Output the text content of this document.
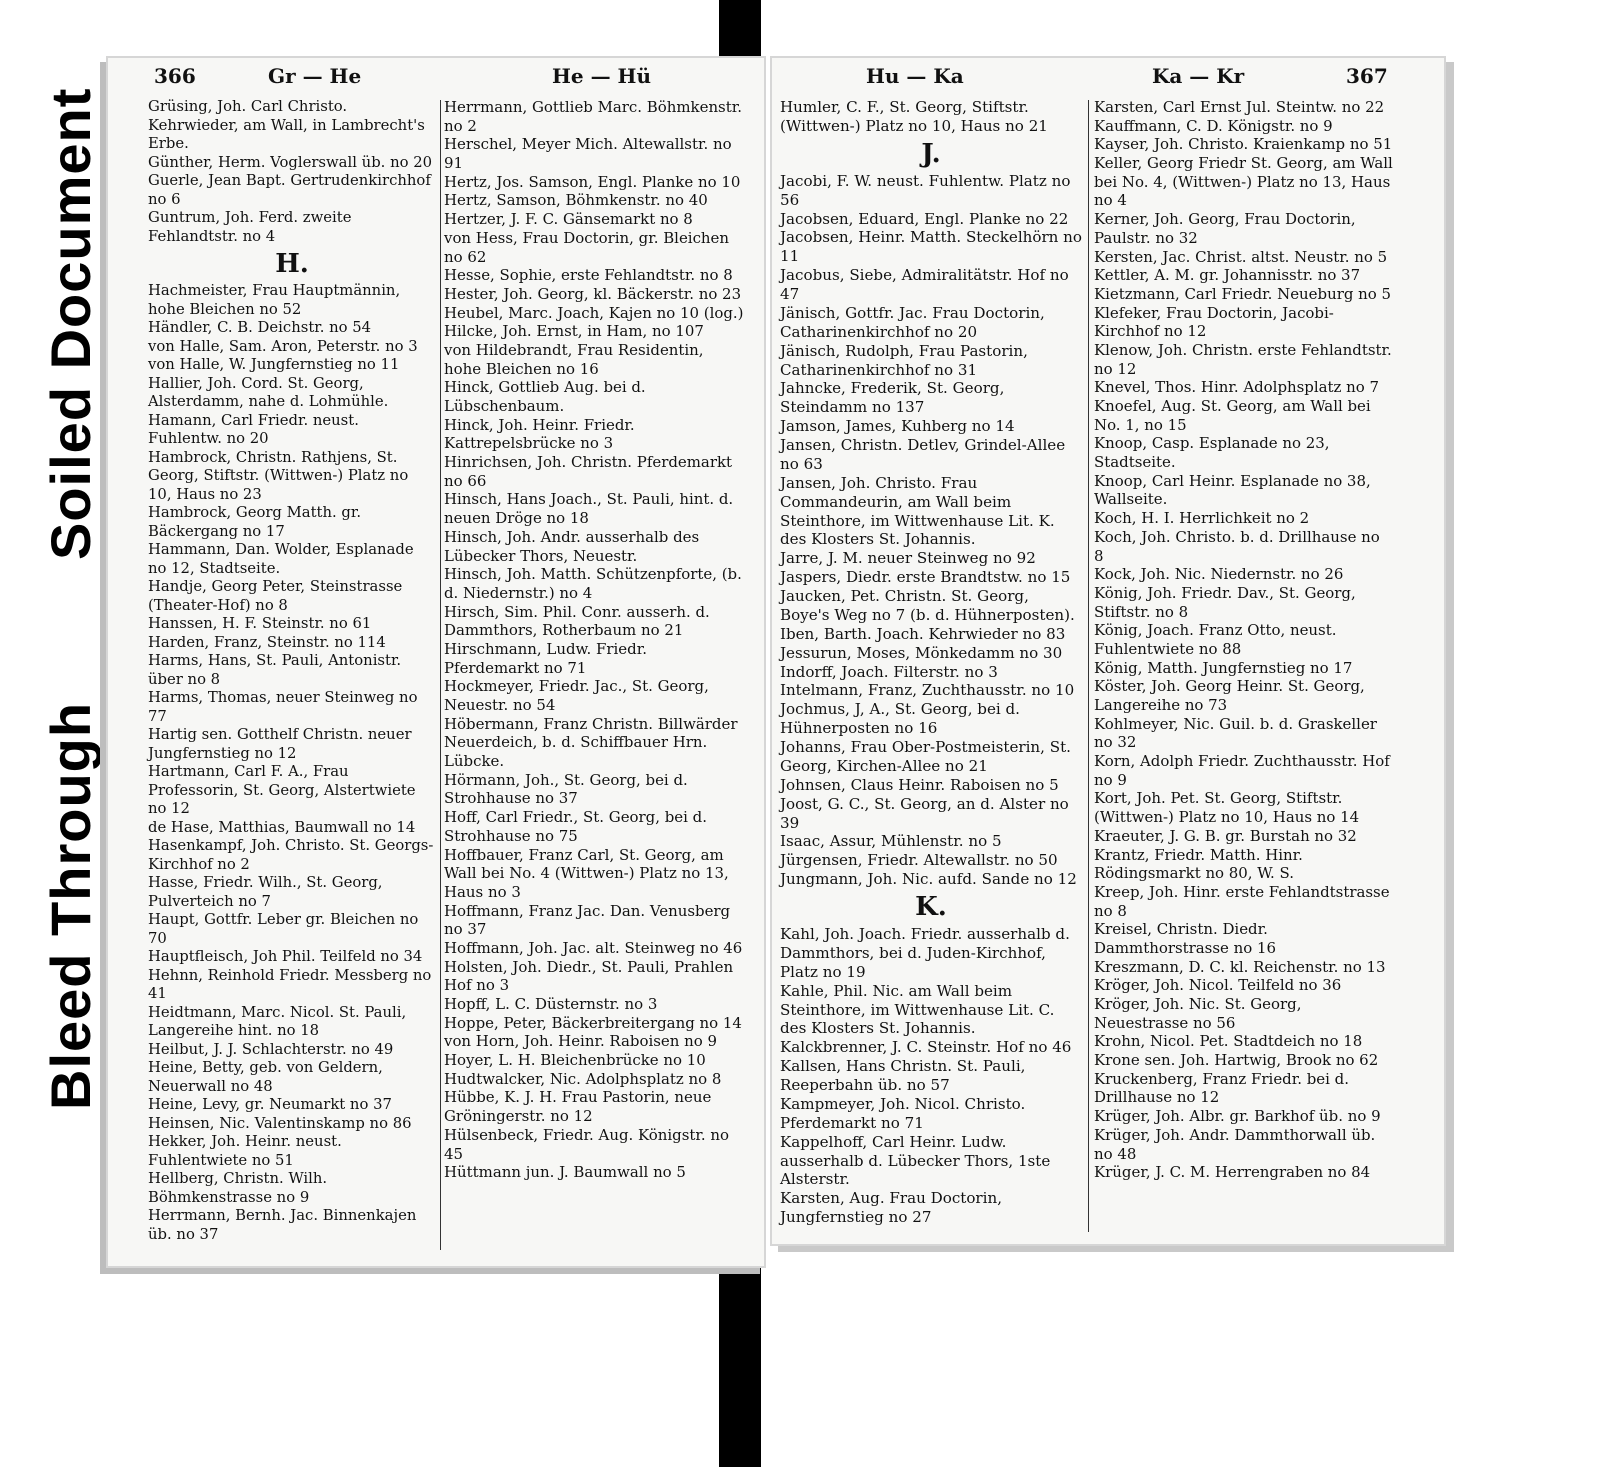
Soiled Document
Bleed Through
366	Gr — He	He — Hü
Grüsing, Joh. Carl Christo. Kehrwieder, am Wall, in Lambrecht's Erbe.
Günther, Herm. Voglerswall üb. no 20
Guerle, Jean Bapt. Gertrudenkirchhof no 6
Guntrum, Joh. Ferd. zweite Fehlandtstr. no 4
H.
Hachmeister, Frau Hauptmännin, hohe Bleichen no 52
Händler, C. B. Deichstr. no 54
von Halle, Sam. Aron, Peterstr. no 3
von Halle, W. Jungfernstieg no 11
Hallier, Joh. Cord. St. Georg, Alsterdamm, nahe d. Lohmühle.
Hamann, Carl Friedr. neust. Fuhlentw. no 20
Hambrock, Christn. Rathjens, St. Georg, Stiftstr. (Wittwen-) Platz no 10, Haus no 23
Hambrock, Georg Matth. gr. Bäckergang no 17
Hammann, Dan. Wolder, Esplanade no 12, Stadtseite.
Handje, Georg Peter, Steinstrasse (Theater-Hof) no 8
Hanssen, H. F. Steinstr. no 61
Harden, Franz, Steinstr. no 114
Harms, Hans, St. Pauli, Antonistr. über no 8
Harms, Thomas, neuer Steinweg no 77
Hartig sen. Gotthelf Christn. neuer Jungfernstieg no 12
Hartmann, Carl F. A., Frau Professorin, St. Georg, Alstertwiete no 12
de Hase, Matthias, Baumwall no 14
Hasenkampf, Joh. Christo. St. Georgs-Kirchhof no 2
Hasse, Friedr. Wilh., St. Georg, Pulverteich no 7
Haupt, Gottfr. Leber gr. Bleichen no 70
Hauptfleisch, Joh Phil. Teilfeld no 34
Hehnn, Reinhold Friedr. Messberg no 41
Heidtmann, Marc. Nicol. St. Pauli, Langereihe hint. no 18
Heilbut, J. J. Schlachterstr. no 49
Heine, Betty, geb. von Geldern, Neuerwall no 48
Heine, Levy, gr. Neumarkt no 37
Heinsen, Nic. Valentinskamp no 86
Hekker, Joh. Heinr. neust. Fuhlentwiete no 51
Hellberg, Christn. Wilh. Böhmkenstrasse no 9
Herrmann, Bernh. Jac. Binnenkajen üb. no 37
Herrmann, Gottlieb Marc. Böhmkenstr. no 2
Herschel, Meyer Mich. Altewallstr. no 91
Hertz, Jos. Samson, Engl. Planke no 10
Hertz, Samson, Böhmkenstr. no 40
Hertzer, J. F. C. Gänsemarkt no 8
von Hess, Frau Doctorin, gr. Bleichen no 62
Hesse, Sophie, erste Fehlandtstr. no 8
Hester, Joh. Georg, kl. Bäckerstr. no 23
Heubel, Marc. Joach, Kajen no 10 (log.)
Hilcke, Joh. Ernst, in Ham, no 107
von Hildebrandt, Frau Residentin, hohe Bleichen no 16
Hinck, Gottlieb Aug. bei d. Lübschenbaum.
Hinck, Joh. Heinr. Friedr. Kattrepelsbrücke no 3
Hinrichsen, Joh. Christn. Pferdemarkt no 66
Hinsch, Hans Joach., St. Pauli, hint. d. neuen Dröge no 18
Hinsch, Joh. Andr. ausserhalb des Lübecker Thors, Neuestr.
Hinsch, Joh. Matth. Schützenpforte, (b. d. Niedernstr.) no 4
Hirsch, Sim. Phil. Conr. ausserh. d. Dammthors, Rotherbaum no 21
Hirschmann, Ludw. Friedr. Pferdemarkt no 71
Hockmeyer, Friedr. Jac., St. Georg, Neuestr. no 54
Höbermann, Franz Christn. Billwärder Neuerdeich, b. d. Schiffbauer Hrn. Lübcke.
Hörmann, Joh., St. Georg, bei d. Strohhause no 37
Hoff, Carl Friedr., St. Georg, bei d. Strohhause no 75
Hoffbauer, Franz Carl, St. Georg, am Wall bei No. 4 (Wittwen-) Platz no 13, Haus no 3
Hoffmann, Franz Jac. Dan. Venusberg no 37
Hoffmann, Joh. Jac. alt. Steinweg no 46
Holsten, Joh. Diedr., St. Pauli, Prahlen Hof no 3
Hopff, L. C. Düsternstr. no 3
Hoppe, Peter, Bäckerbreitergang no 14
von Horn, Joh. Heinr. Raboisen no 9
Hoyer, L. H. Bleichenbrücke no 10
Hudtwalcker, Nic. Adolphsplatz no 8
Hübbe, K. J. H. Frau Pastorin, neue Gröningerstr. no 12
Hülsenbeck, Friedr. Aug. Königstr. no 45
Hüttmann jun. J. Baumwall no 5
Hu — Ka	Ka — Kr	367
Humler, C. F., St. Georg, Stiftstr. (Wittwen-) Platz no 10, Haus no 21
J.
Jacobi, F. W. neust. Fuhlentw. Platz no 56
Jacobsen, Eduard, Engl. Planke no 22
Jacobsen, Heinr. Matth. Steckelhörn no 11
Jacobus, Siebe, Admiralitätstr. Hof no 47
Jänisch, Gottfr. Jac. Frau Doctorin, Catharinenkirchhof no 20
Jänisch, Rudolph, Frau Pastorin, Catharinenkirchhof no 31
Jahncke, Frederik, St. Georg, Steindamm no 137
Jamson, James, Kuhberg no 14
Jansen, Christn. Detlev, Grindel-Allee no 63
Jansen, Joh. Christo. Frau Commandeurin, am Wall beim Steinthore, im Wittwenhause Lit. K. des Klosters St. Johannis.
Jarre, J. M. neuer Steinweg no 92
Jaspers, Diedr. erste Brandtstw. no 15
Jaucken, Pet. Christn. St. Georg, Boye's Weg no 7 (b. d. Hühnerposten).
Iben, Barth. Joach. Kehrwieder no 83
Jessurun, Moses, Mönkedamm no 30
Indorff, Joach. Filterstr. no 3
Intelmann, Franz, Zuchthausstr. no 10
Jochmus, J, A., St. Georg, bei d. Hühnerposten no 16
Johanns, Frau Ober-Postmeisterin, St. Georg, Kirchen-Allee no 21
Johnsen, Claus Heinr. Raboisen no 5
Joost, G. C., St. Georg, an d. Alster no 39
Isaac, Assur, Mühlenstr. no 5
Jürgensen, Friedr. Altewallstr. no 50
Jungmann, Joh. Nic. aufd. Sande no 12
K.
Kahl, Joh. Joach. Friedr. ausserhalb d. Dammthors, bei d. Juden-Kirchhof, Platz no 19
Kahle, Phil. Nic. am Wall beim Steinthore, im Wittwenhause Lit. C. des Klosters St. Johannis.
Kalckbrenner, J. C. Steinstr. Hof no 46
Kallsen, Hans Christn. St. Pauli, Reeperbahn üb. no 57
Kampmeyer, Joh. Nicol. Christo. Pferdemarkt no 71
Kappelhoff, Carl Heinr. Ludw. ausserhalb d. Lübecker Thors, 1ste Alsterstr.
Karsten, Aug. Frau Doctorin, Jungfernstieg no 27
Karsten, Carl Ernst Jul. Steintw. no 22
Kauffmann, C. D. Königstr. no 9
Kayser, Joh. Christo. Kraienkamp no 51
Keller, Georg Friedr St. Georg, am Wall bei No. 4, (Wittwen-) Platz no 13, Haus no 4
Kerner, Joh. Georg, Frau Doctorin, Paulstr. no 32
Kersten, Jac. Christ. altst. Neustr. no 5
Kettler, A. M. gr. Johannisstr. no 37
Kietzmann, Carl Friedr. Neueburg no 5
Klefeker, Frau Doctorin, Jacobi-Kirchhof no 12
Klenow, Joh. Christn. erste Fehlandtstr. no 12
Knevel, Thos. Hinr. Adolphsplatz no 7
Knoefel, Aug. St. Georg, am Wall bei No. 1, no 15
Knoop, Casp. Esplanade no 23, Stadtseite.
Knoop, Carl Heinr. Esplanade no 38, Wallseite.
Koch, H. I. Herrlichkeit no 2
Koch, Joh. Christo. b. d. Drillhause no 8
Kock, Joh. Nic. Niedernstr. no 26
König, Joh. Friedr. Dav., St. Georg, Stiftstr. no 8
König, Joach. Franz Otto, neust. Fuhlentwiete no 88
König, Matth. Jungfernstieg no 17
Köster, Joh. Georg Heinr. St. Georg, Langereihe no 73
Kohlmeyer, Nic. Guil. b. d. Graskeller no 32
Korn, Adolph Friedr. Zuchthausstr. Hof no 9
Kort, Joh. Pet. St. Georg, Stiftstr. (Wittwen-) Platz no 10, Haus no 14
Kraeuter, J. G. B. gr. Burstah no 32
Krantz, Friedr. Matth. Hinr. Rödingsmarkt no 80, W. S.
Kreep, Joh. Hinr. erste Fehlandtstrasse no 8
Kreisel, Christn. Diedr. Dammthorstrasse no 16
Kreszmann, D. C. kl. Reichenstr. no 13
Kröger, Joh. Nicol. Teilfeld no 36
Kröger, Joh. Nic. St. Georg, Neuestrasse no 56
Krohn, Nicol. Pet. Stadtdeich no 18
Krone sen. Joh. Hartwig, Brook no 62
Kruckenberg, Franz Friedr. bei d. Drillhause no 12
Krüger, Joh. Albr. gr. Barkhof üb. no 9
Krüger, Joh. Andr. Dammthorwall üb. no 48
Krüger, J. C. M. Herrengraben no 84
